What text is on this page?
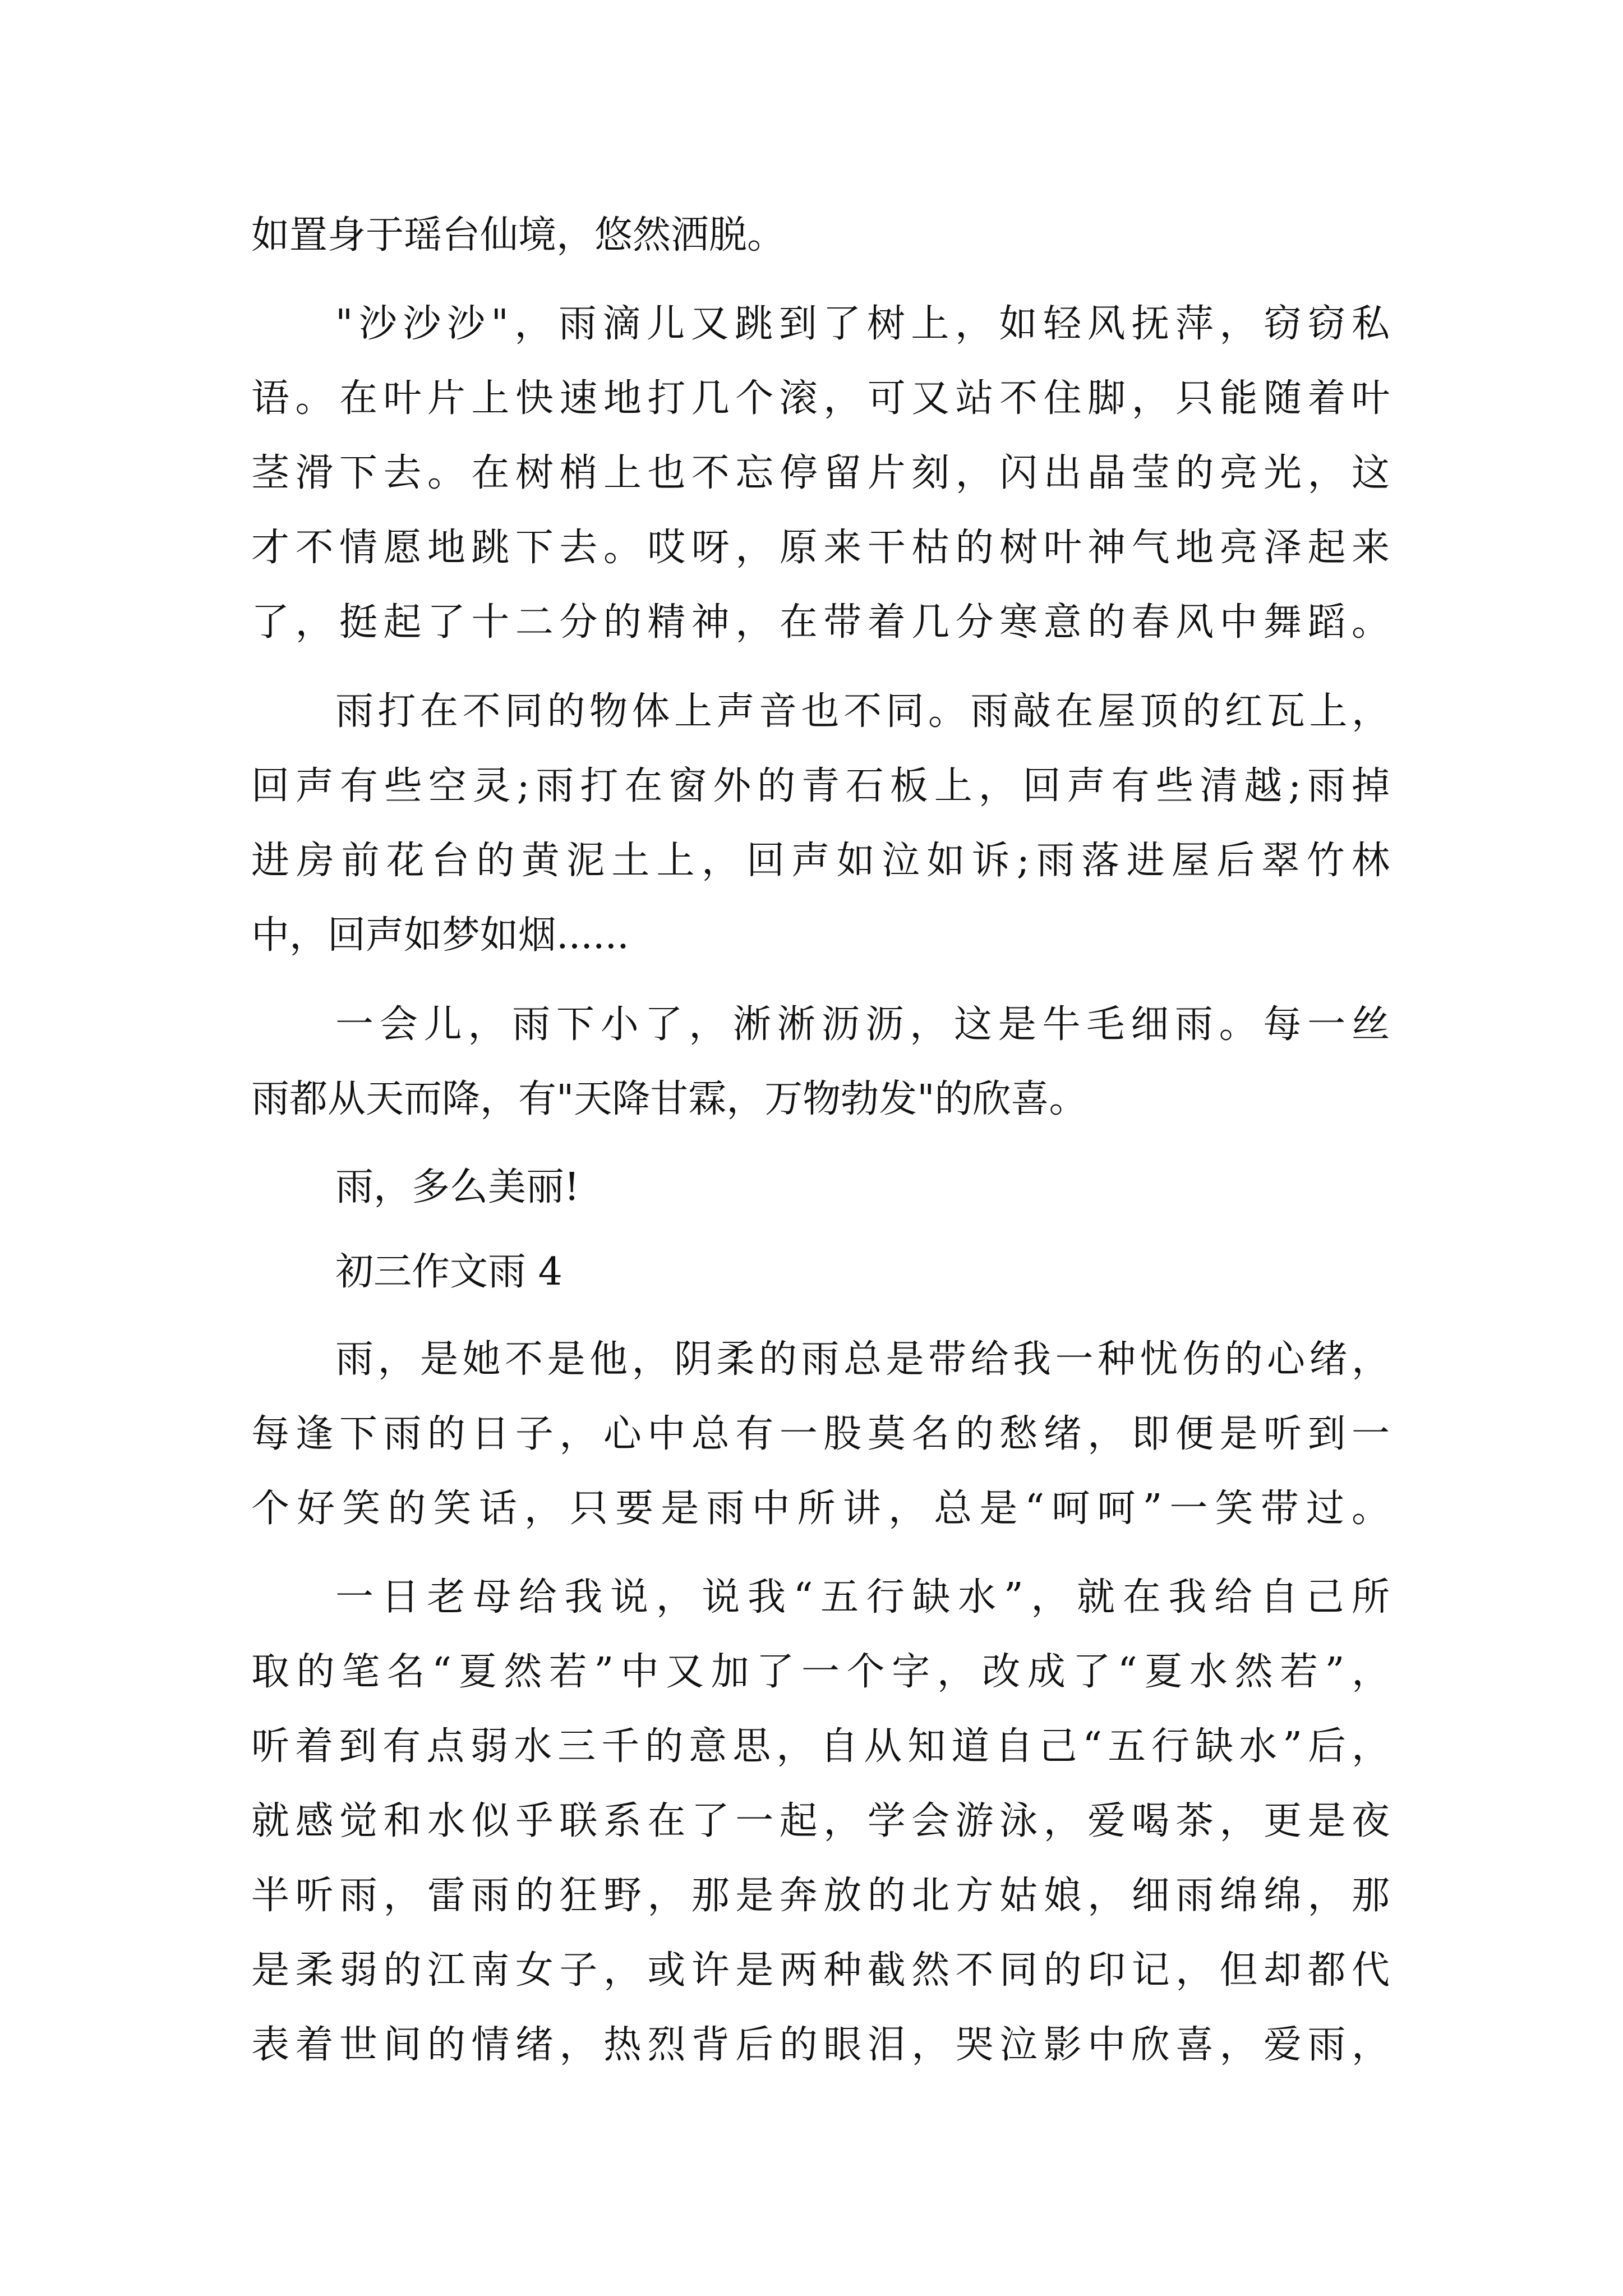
如置身于瑶台仙境，悠然洒脱。
"沙沙沙"，雨滴儿又跳到了树上，如轻风抚萍，窃窃私
语。在叶片上快速地打几个滚，可又站不住脚，只能随着叶
茎滑下去。在树梢上也不忘停留片刻，闪出晶莹的亮光，这
才不情愿地跳下去。哎呀，原来干枯的树叶神气地亮泽起来
了，挺起了十二分的精神，在带着几分寒意的春风中舞蹈。
雨打在不同的物体上声音也不同。雨敲在屋顶的红瓦上，
回声有些空灵;雨打在窗外的青石板上，回声有些清越;雨掉
进房前花台的黄泥土上，回声如泣如诉;雨落进屋后翠竹林
中，回声如梦如烟......
一会儿，雨下小了，淅淅沥沥，这是牛毛细雨。每一丝
雨都从天而降，有"天降甘霖，万物勃发"的欣喜。
雨，多么美丽!
初三作文雨 4
雨，是她不是他，阴柔的雨总是带给我一种忧伤的心绪，
每逢下雨的日子，心中总有一股莫名的愁绪，即便是听到一
个好笑的笑话，只要是雨中所讲，总是“呵呵”一笑带过。
一日老母给我说，说我“五行缺水”，就在我给自己所
取的笔名“夏然若”中又加了一个字，改成了“夏水然若”，
听着到有点弱水三千的意思，自从知道自己“五行缺水”后，
就感觉和水似乎联系在了一起，学会游泳，爱喝茶，更是夜
半听雨，雷雨的狂野，那是奔放的北方姑娘，细雨绵绵，那
是柔弱的江南女子，或许是两种截然不同的印记，但却都代
表着世间的情绪，热烈背后的眼泪，哭泣影中欣喜，爱雨，
